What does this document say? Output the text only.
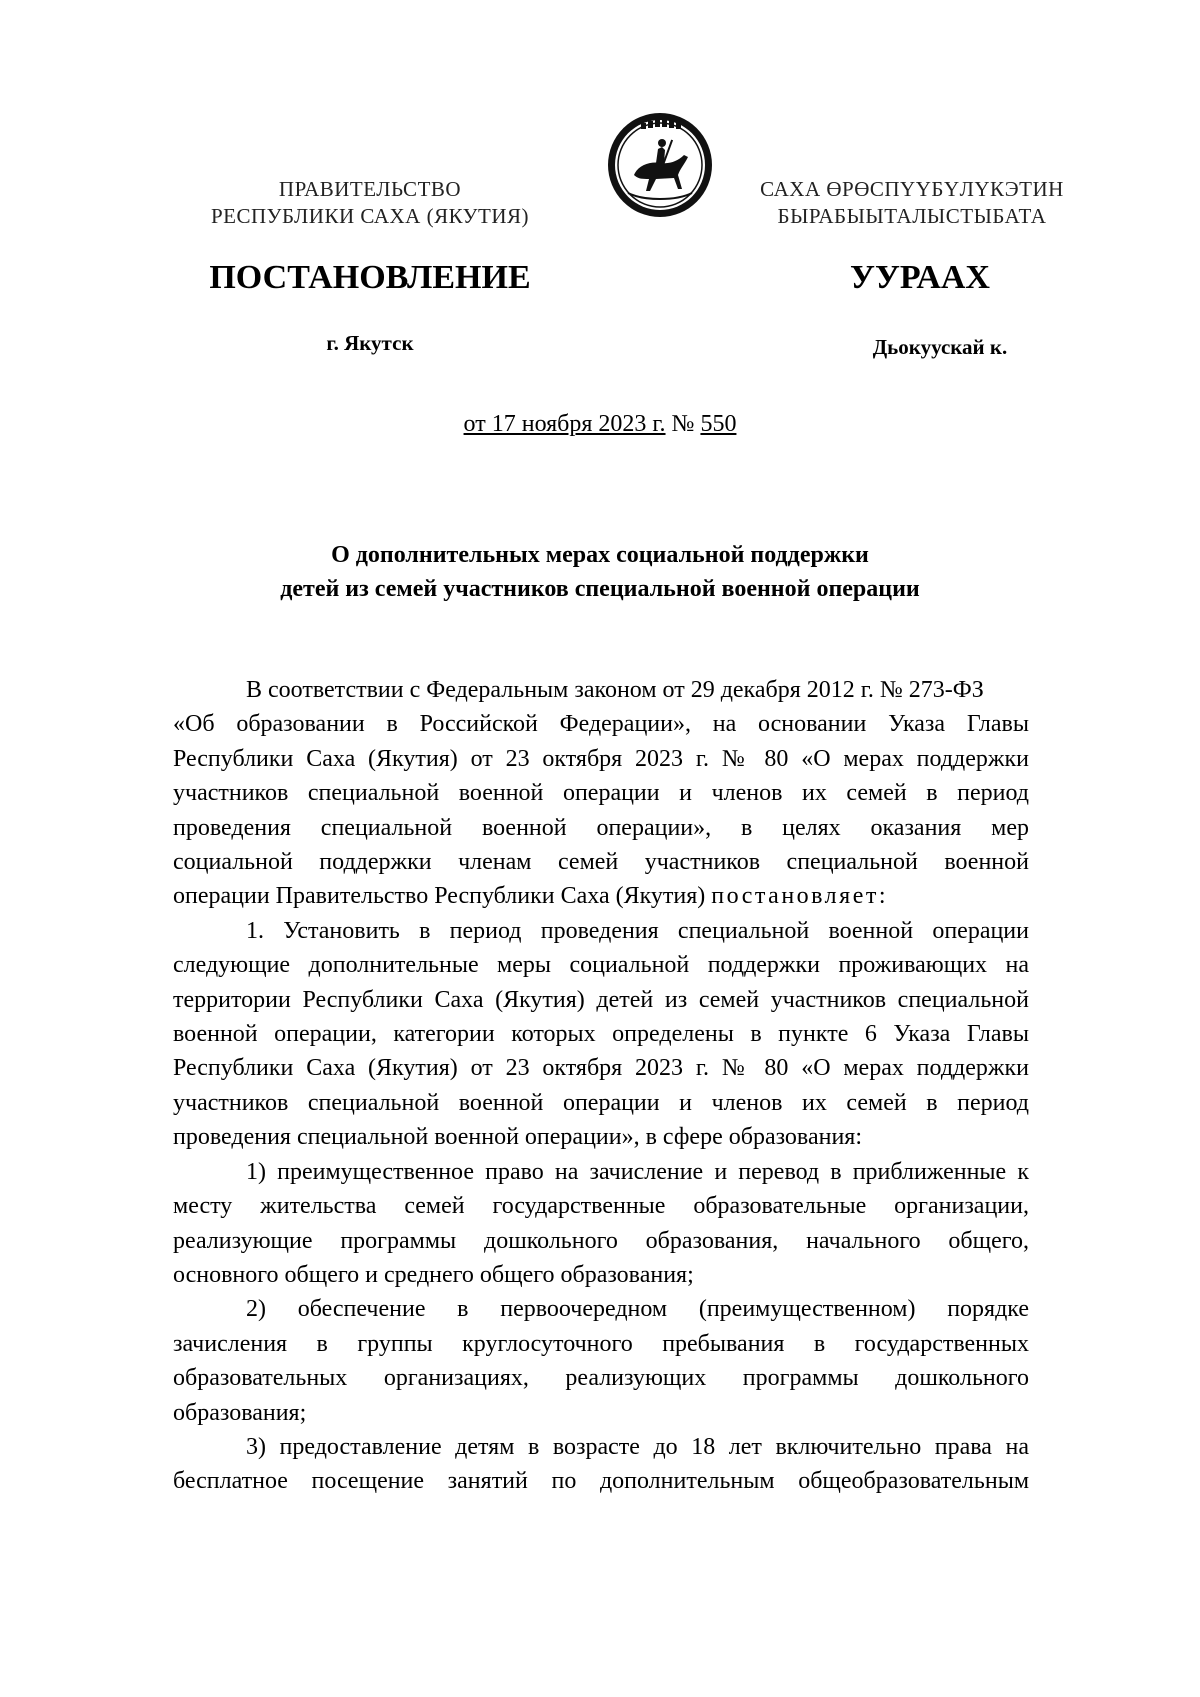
ПРАВИТЕЛЬСТВО
РЕСПУБЛИКИ САХА (ЯКУТИЯ)
САХА ӨРӨСПҮҮБҮЛҮКЭТИН
БЫРАБЫЫТАЛЫСТЫБАТА
ПОСТАНОВЛЕНИЕ	УУРААХ
г. Якутск	Дьокуускай к.
от 17 ноября 2023 г. № 550
О дополнительных мерах социальной поддержки
детей из семей участников специальной военной операции
В соответствии с Федеральным законом от 29 декабря 2012 г. № 273-ФЗ
«Об образовании в Российской Федерации», на основании Указа Главы
Республики Саха (Якутия) от 23 октября 2023 г. № 80 «О мерах поддержки
участников специальной военной операции и членов их семей в период
проведения специальной военной операции», в целях оказания мер
социальной поддержки членам семей участников специальной военной
операции Правительство Республики Саха (Якутия) постановляет:
1. Установить в период проведения специальной военной операции
следующие дополнительные меры социальной поддержки проживающих на
территории Республики Саха (Якутия) детей из семей участников специальной
военной операции, категории которых определены в пункте 6 Указа Главы
Республики Саха (Якутия) от 23 октября 2023 г. № 80 «О мерах поддержки
участников специальной военной операции и членов их семей в период
проведения специальной военной операции», в сфере образования:
1) преимущественное право на зачисление и перевод в приближенные к
месту жительства семей государственные образовательные организации,
реализующие программы дошкольного образования, начального общего,
основного общего и среднего общего образования;
2) обеспечение в первоочередном (преимущественном) порядке
зачисления в группы круглосуточного пребывания в государственных
образовательных организациях, реализующих программы дошкольного
образования;
3) предоставление детям в возрасте до 18 лет включительно права на
бесплатное посещение занятий по дополнительным общеобразовательным
